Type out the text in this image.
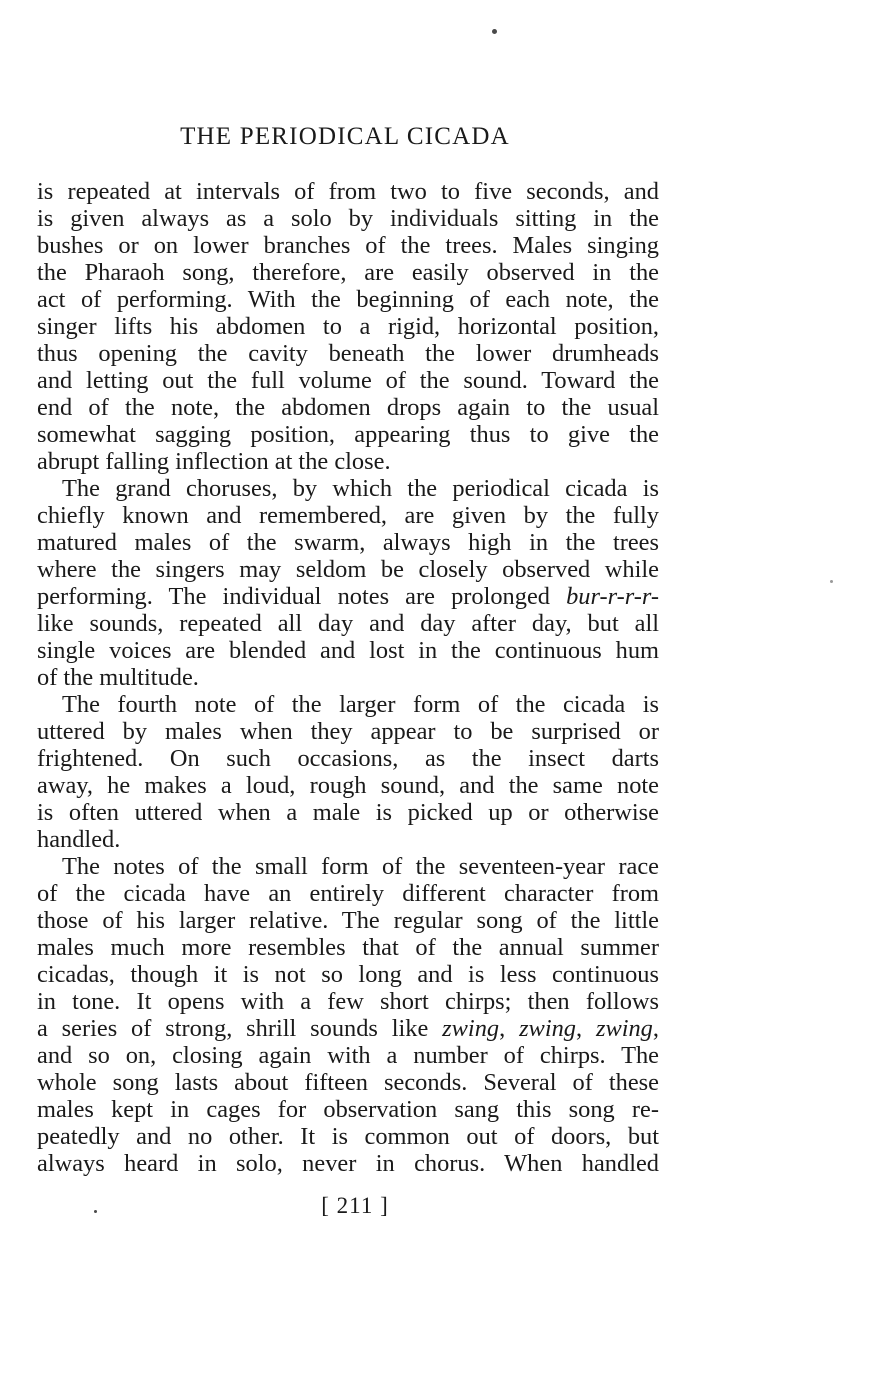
THE PERIODICAL CICADA
is repeated at intervals of from two to five seconds, and
is given always as a solo by individuals sitting in the
bushes or on lower branches of the trees. Males singing
the Pharaoh song, therefore, are easily observed in the
act of performing. With the beginning of each note, the
singer lifts his abdomen to a rigid, horizontal position,
thus opening the cavity beneath the lower drumheads
and letting out the full volume of the sound. Toward the
end of the note, the abdomen drops again to the usual
somewhat sagging position, appearing thus to give the
abrupt falling inflection at the close.
The grand choruses, by which the periodical cicada is
chiefly known and remembered, are given by the fully
matured males of the swarm, always high in the trees
where the singers may seldom be closely observed while
performing. The individual notes are prolonged bur-r-r-r-
like sounds, repeated all day and day after day, but all
single voices are blended and lost in the continuous hum
of the multitude.
The fourth note of the larger form of the cicada is
uttered by males when they appear to be surprised or
frightened. On such occasions, as the insect darts
away, he makes a loud, rough sound, and the same note
is often uttered when a male is picked up or otherwise
handled.
The notes of the small form of the seventeen-year race
of the cicada have an entirely different character from
those of his larger relative. The regular song of the little
males much more resembles that of the annual summer
cicadas, though it is not so long and is less continuous
in tone. It opens with a few short chirps; then follows
a series of strong, shrill sounds like zwing, zwing, zwing,
and so on, closing again with a number of chirps. The
whole song lasts about fifteen seconds. Several of these
males kept in cages for observation sang this song re-
peatedly and no other. It is common out of doors, but
always heard in solo, never in chorus. When handled
[ 211 ]
